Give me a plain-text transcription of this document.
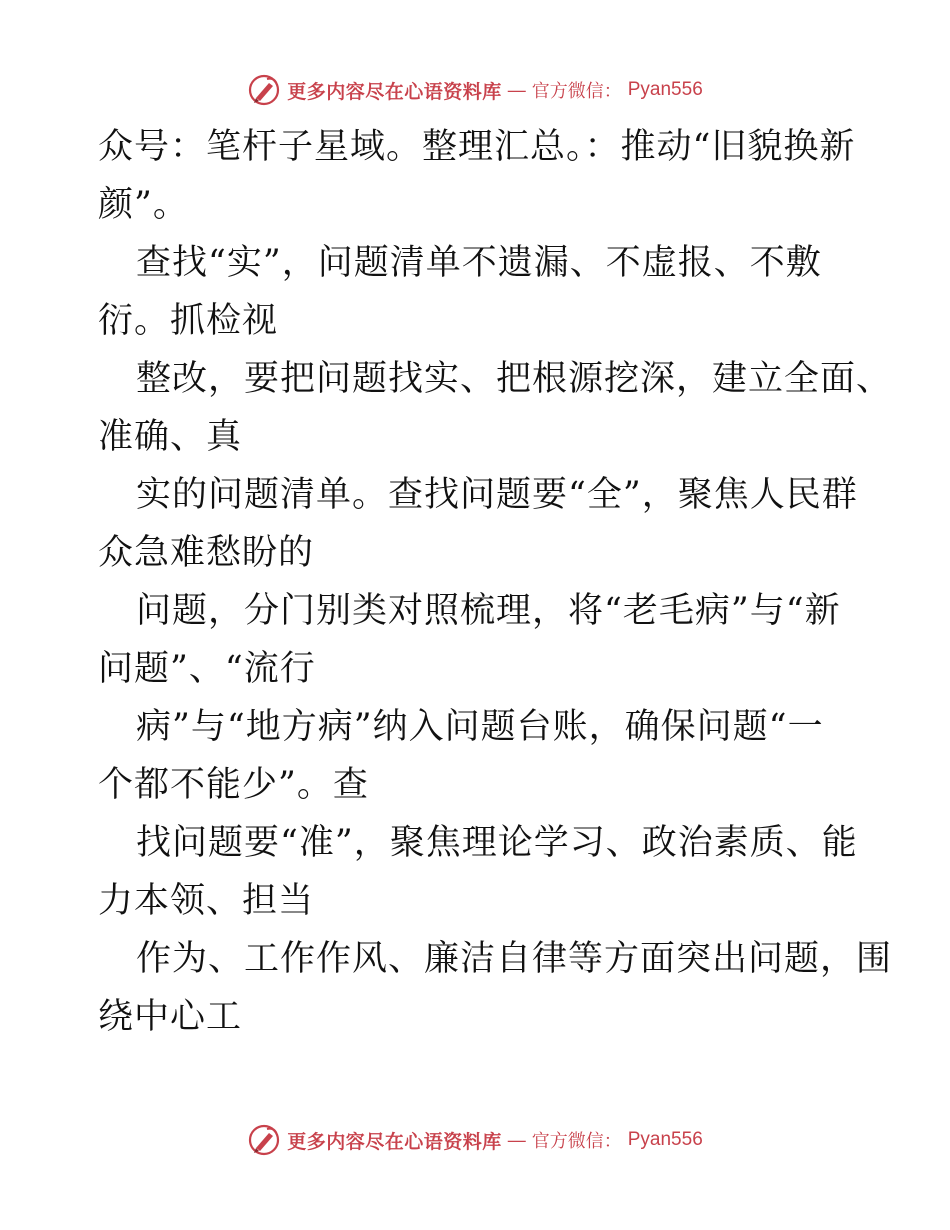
更多内容尽在心语资料库 — 官方微信： Pyan556
众号：笔杆子星域。整理汇总。：推动“旧貌换新
颜”。
查找“实”，问题清单不遗漏、不虚报、不敷
衍。抓检视
整改，要把问题找实、把根源挖深，建立全面、
准确、真
实的问题清单。查找问题要“全”，聚焦人民群
众急难愁盼的
问题，分门别类对照梳理，将“老毛病”与“新
问题”、“流行
病”与“地方病”纳入问题台账，确保问题“一
个都不能少”。查
找问题要“准”，聚焦理论学习、政治素质、能
力本领、担当
作为、工作作风、廉洁自律等方面突出问题，围
绕中心工
更多内容尽在心语资料库 — 官方微信： Pyan556
